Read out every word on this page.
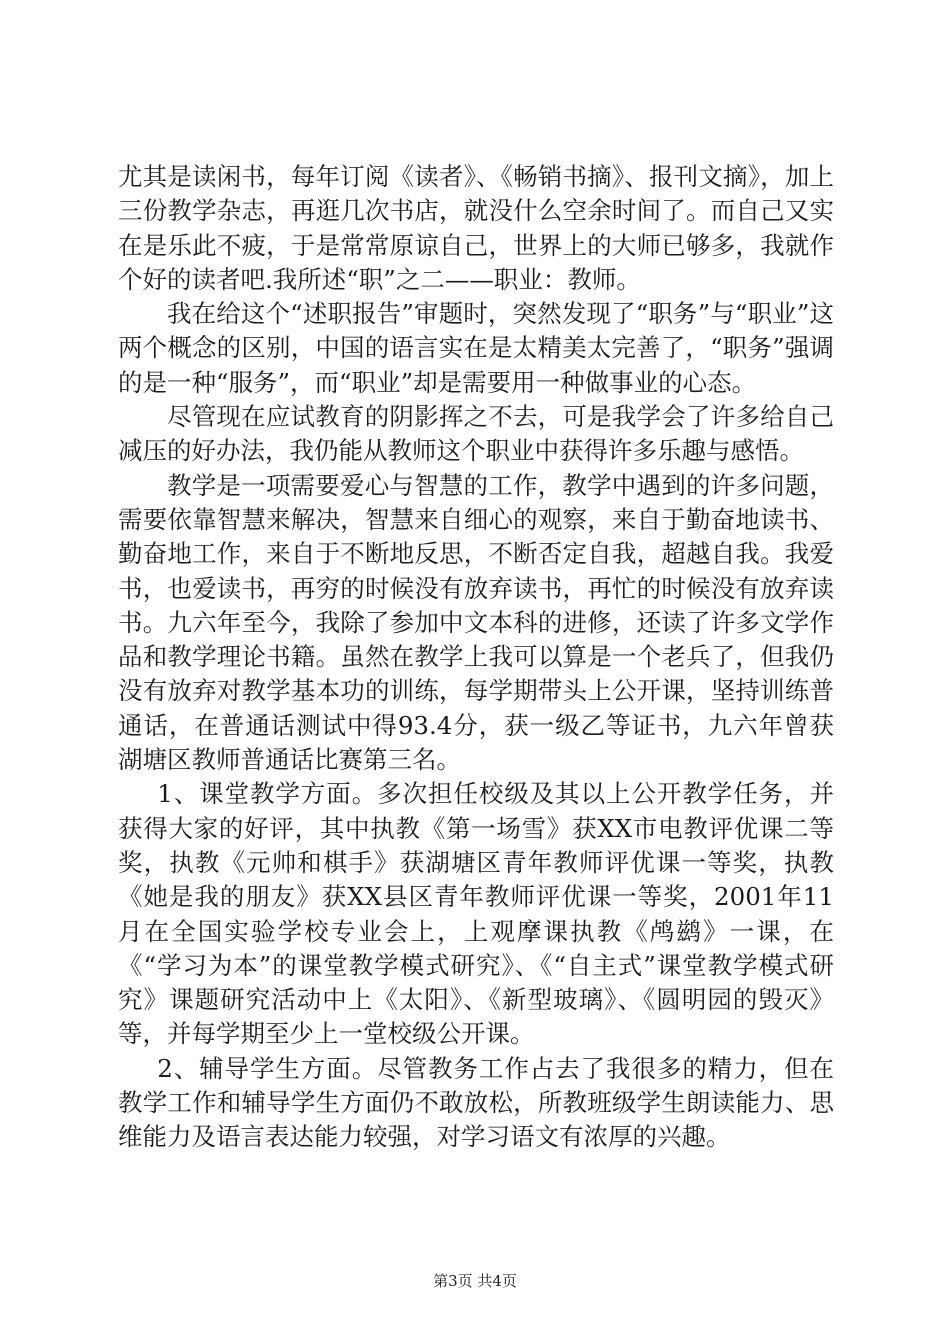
尤其是读闲书，每年订阅《读者》、《畅销书摘》、报刊文摘》，加上三份教学杂志，再逛几次书店，就没什么空余时间了。而自己又实在是乐此不疲，于是常常原谅自己，世界上的大师已够多，我就作个好的读者吧.我所述“职”之二——职业：教师。

我在给这个“述职报告”审题时，突然发现了“职务”与“职业”这两个概念的区别，中国的语言实在是太精美太完善了，“职务”强调的是一种“服务”，而“职业”却是需要用一种做事业的心态。

尽管现在应试教育的阴影挥之不去，可是我学会了许多给自己减压的好办法，我仍能从教师这个职业中获得许多乐趣与感悟。

教学是一项需要爱心与智慧的工作，教学中遇到的许多问题，需要依靠智慧来解决，智慧来自细心的观察，来自于勤奋地读书、勤奋地工作，来自于不断地反思，不断否定自我，超越自我。我爱书，也爱读书，再穷的时候没有放弃读书，再忙的时候没有放弃读书。九六年至今，我除了参加中文本科的进修，还读了许多文学作品和教学理论书籍。虽然在教学上我可以算是一个老兵了，但我仍没有放弃对教学基本功的训练，每学期带头上公开课，坚持训练普通话，在普通话测试中得93.4分，获一级乙等证书，九六年曾获湖塘区教师普通话比赛第三名。

1、课堂教学方面。多次担任校级及其以上公开教学任务，并获得大家的好评，其中执教《第一场雪》获XX市电教评优课二等奖，执教《元帅和棋手》获湖塘区青年教师评优课一等奖，执教《她是我的朋友》获XX县区青年教师评优课一等奖，2001年11月在全国实验学校专业会上，上观摩课执教《鸬鹚》一课，在《“学习为本”的课堂教学模式研究》、《“自主式”课堂教学模式研究》课题研究活动中上《太阳》、《新型玻璃》、《圆明园的毁灭》等，并每学期至少上一堂校级公开课。

2、辅导学生方面。尽管教务工作占去了我很多的精力，但在教学工作和辅导学生方面仍不敢放松，所教班级学生朗读能力、思维能力及语言表达能力较强，对学习语文有浓厚的兴趣。

第3页 共4页
